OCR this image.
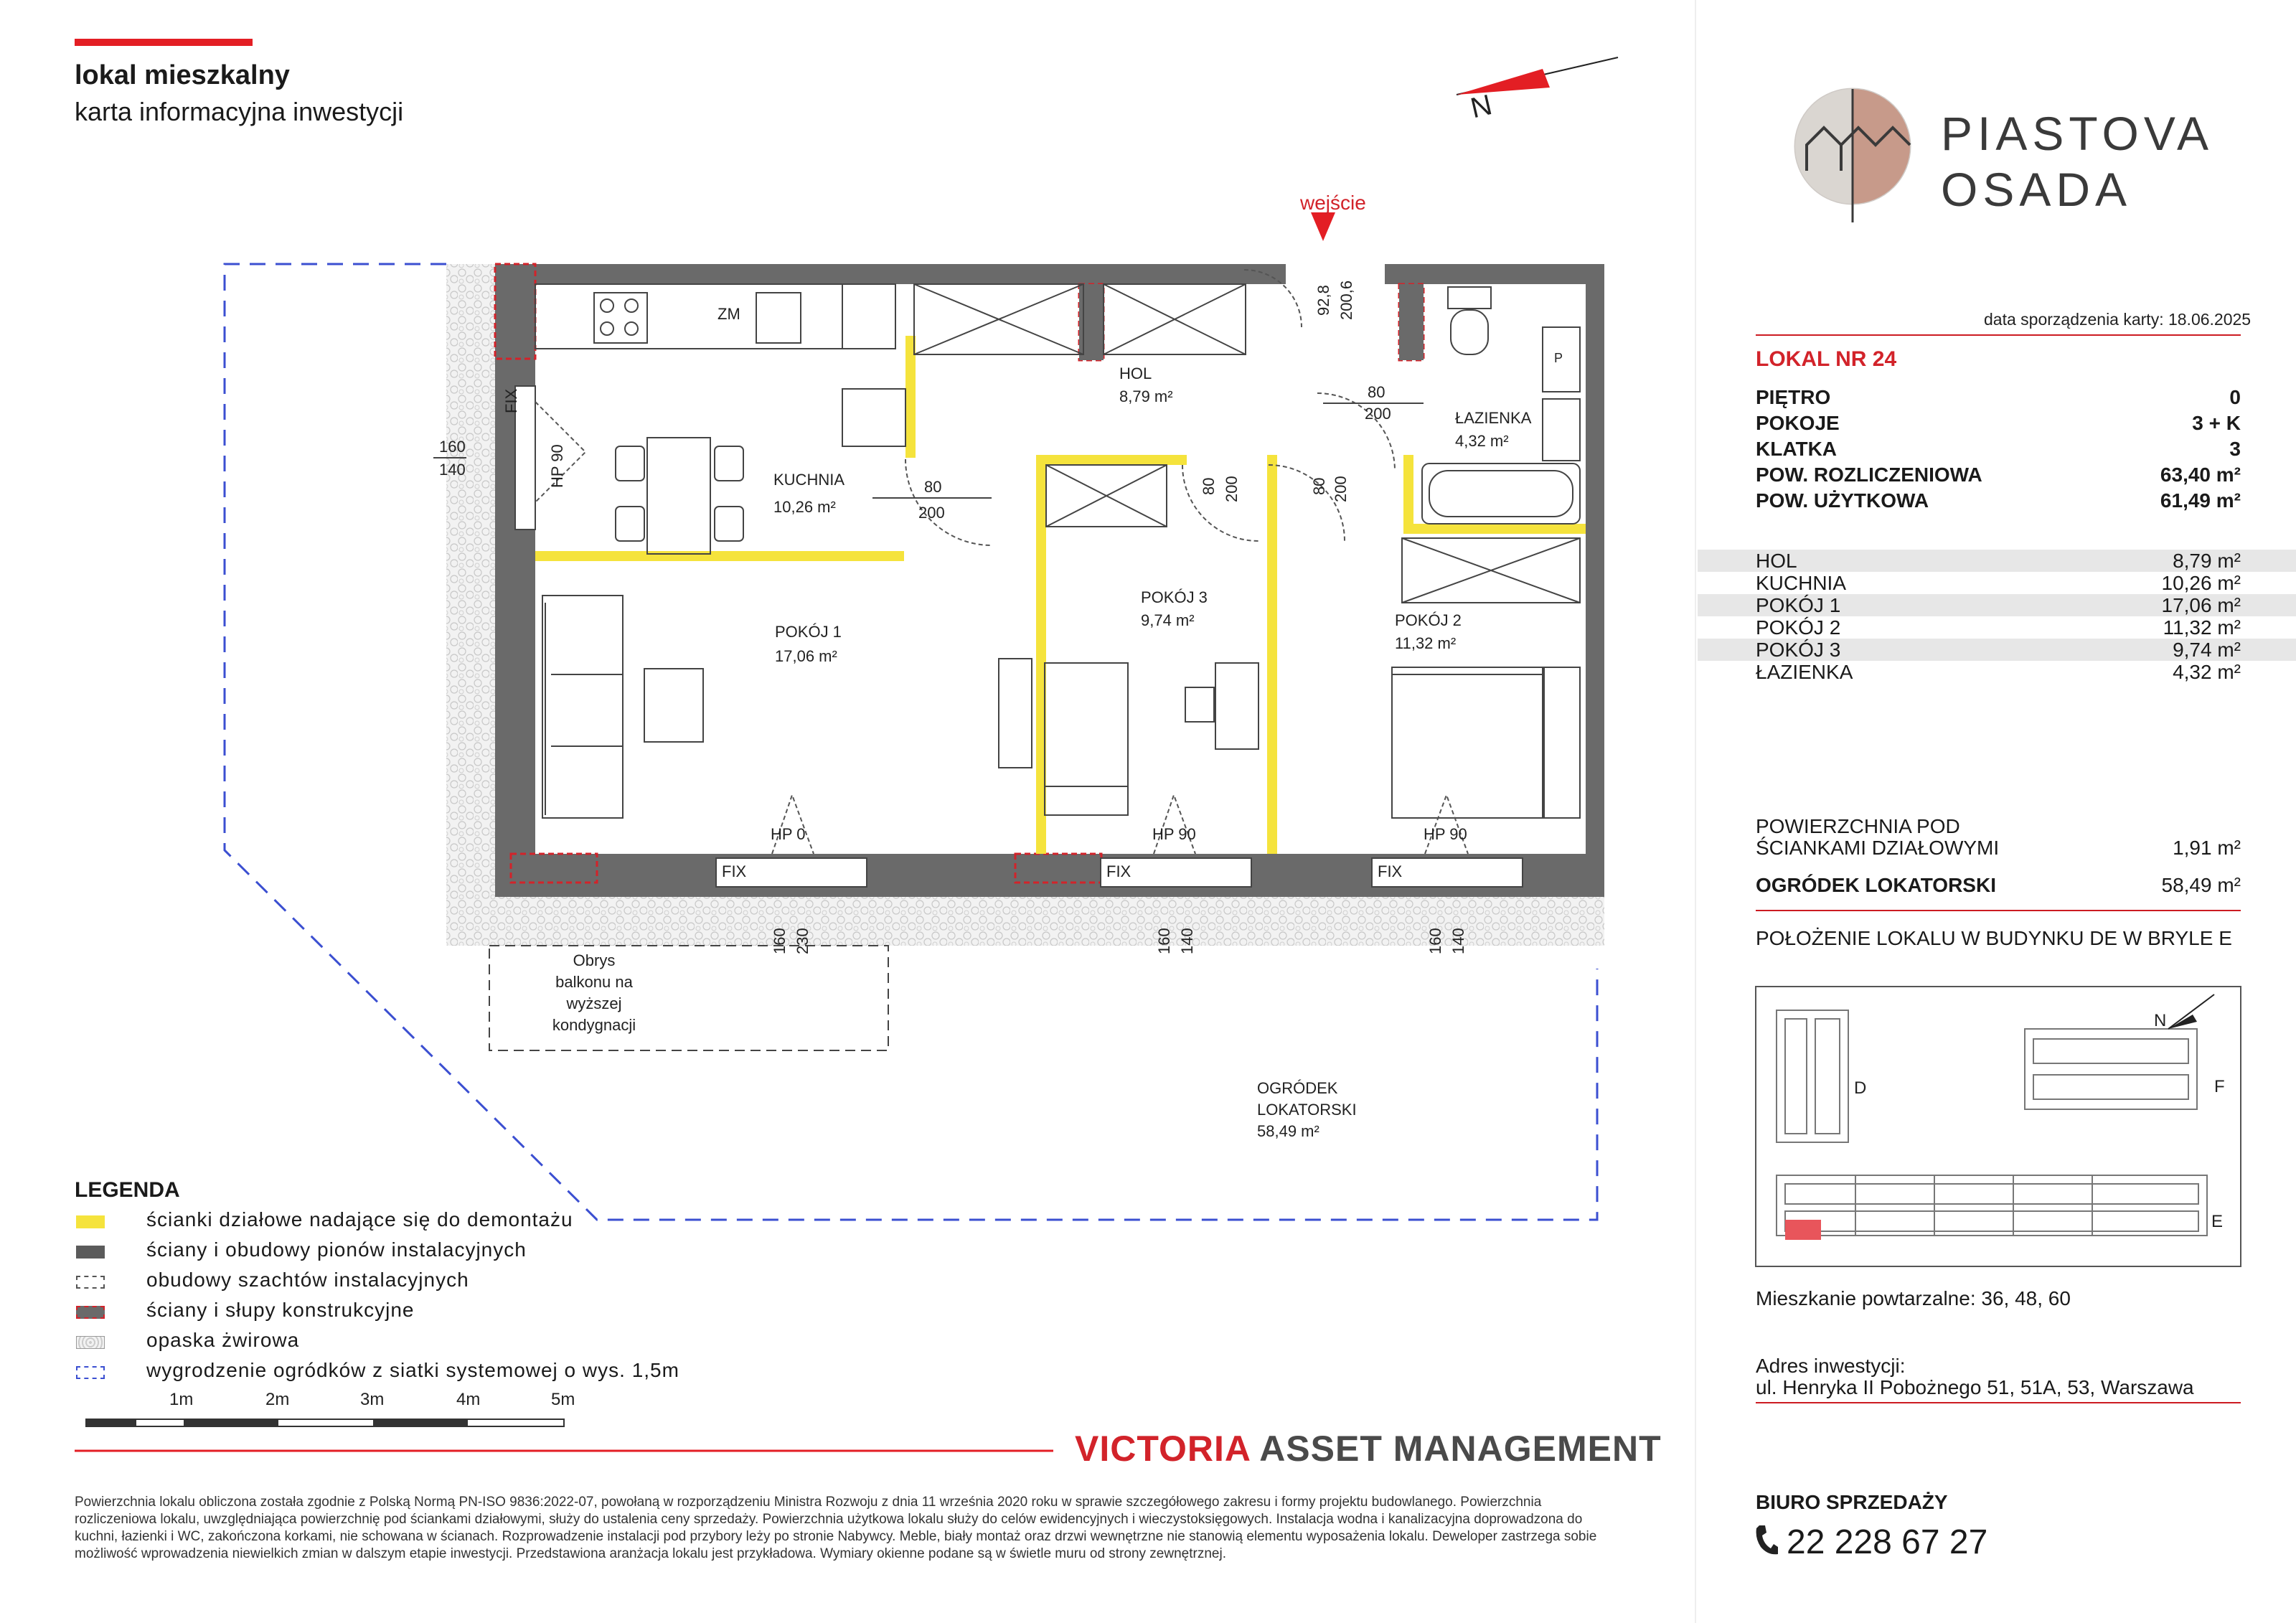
lokal mieszkalny
karta informacyjna inwestycji	N
ZM
P
wejście
KUCHNIA
10,26 m²
HOL
8,79 m²
ŁAZIENKA
4,32 m²
POKÓJ 1
17,06 m²
POKÓJ 3
9,74 m²	POKÓJ 2
11,32 m²
OGRÓDEK
LOKATORSKI
58,49 m²
Obrys
balkonu na
wyższej
kondygnacji
FIX
FIX	FIX	FIX
HP 90
HP 0	HP 90	HP 90
160
140
80
200
80
200
80 200	80 200
92,8 200,6
160 230	160 140	160 140
1m	2m	3m	4m	5m
LEGENDA
ścianki działowe nadające się do demontażu
ściany i obudowy pionów instalacyjnych
obudowy szachtów instalacyjnych
ściany i słupy konstrukcyjne
opaska żwirowa
wygrodzenie ogródków z siatki systemowej o wys. 1,5m
VICTORIA ASSET MANAGEMENT
Powierzchnia lokalu obliczona została zgodnie z Polską Normą PN-ISO 9836:2022-07, powołaną w rozporządzeniu Ministra Rozwoju z dnia 11 września 2020 roku w sprawie szczegółowego zakresu i formy projektu budowlanego. Powierzchnia rozliczeniowa lokalu, uwzględniająca powierzchnię pod ściankami działowymi, służy do ustalenia ceny sprzedaży. Powierzchnia użytkowa lokalu służy do celów ewidencyjnych i wieczystoksięgowych. Instalacja wodna i kanalizacyjna doprowadzona do kuchni, łazienki i WC, zakończona korkami, nie schowana w ścianach. Rozprowadzenie instalacji pod przybory leży po stronie Nabywcy. Meble, biały montaż oraz drzwi wewnętrzne nie stanowią elementu wyposażenia lokalu. Deweloper zastrzega sobie możliwość wprowadzenia niewielkich zmian w dalszym etapie inwestycji. Przedstawiona aranżacja lokalu jest przykładowa. Wymiary okienne podane są w świetle muru od strony zewnętrznej.
PIASTOVA
OSADA
data sporządzenia karty: 18.06.2025
LOKAL NR 24
PIĘTRO	0
POKOJE	3 + K
KLATKA	3
POW. ROZLICZENIOWA	63,40 m²
POW. UŻYTKOWA	61,49 m²
HOL	8,79 m²
KUCHNIA	10,26 m²
POKÓJ 1	17,06 m²
POKÓJ 2	11,32 m²
POKÓJ 3	9,74 m²
ŁAZIENKA	4,32 m²
POWIERZCHNIA POD
ŚCIANKAMI DZIAŁOWYMI	1,91 m²
OGRÓDEK LOKATORSKI	58,49 m²
POŁOŻENIE LOKALU W BUDYNKU DE W BRYLE E
D	F
E
N
Mieszkanie powtarzalne: 36, 48, 60
Adres inwestycji:
ul. Henryka II Pobożnego 51, 51A, 53, Warszawa
BIURO SPRZEDAŻY
22 228 67 27
